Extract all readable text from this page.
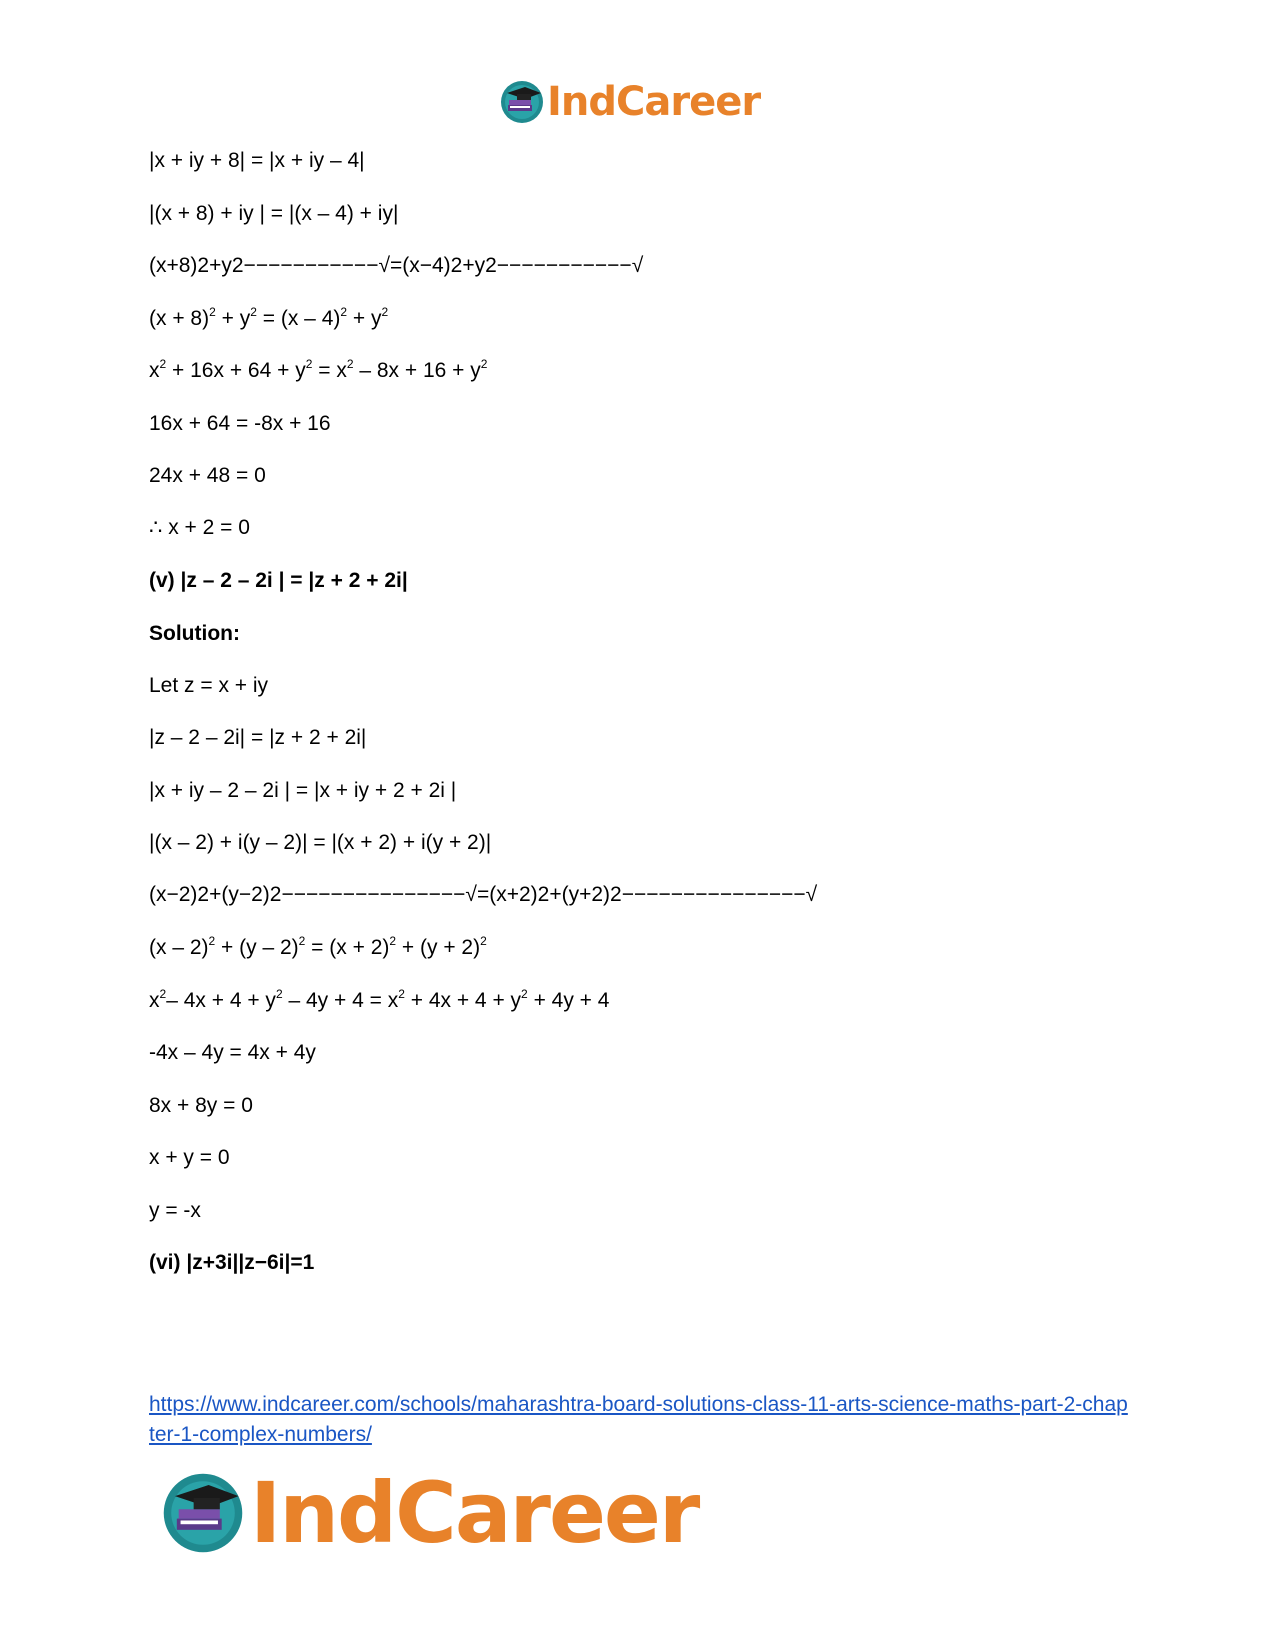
IndCareer
|x + iy + 8| = |x + iy – 4|
|(x + 8) + iy | = |(x – 4) + iy|
(x+8)2+y2−−−−−−−−−−−√=(x−4)2+y2−−−−−−−−−−−√
$(x + 8)^2 + y^2 = (x - 4)^2 + y^2$
$x^2 + 16x + 64 + y^2 = x^2 - 8x + 16 + y^2$
16x + 64 = -8x + 16
24x + 48 = 0
∴ x + 2 = 0
(v) |z – 2 – 2i | = |z + 2 + 2i|
Solution:
Let z = x + iy
|z – 2 – 2i| = |z + 2 + 2i|
|x + iy – 2 – 2i | = |x + iy + 2 + 2i |
|(x – 2) + i(y – 2)| = |(x + 2) + i(y + 2)|
(x−2)2+(y−2)2−−−−−−−−−−−−−−−√=(x+2)2+(y+2)2−−−−−−−−−−−−−−−√
$(x - 2)^2 + (y - 2)^2 = (x + 2)^2 + (y + 2)^2$
$x^2-$ $4x + 4 + y^2 - 4y + 4 = x^2 + 4x + 4 + y^2 + 4y + 4$
-4x – 4y = 4x + 4y
8x + 8y = 0
x + y = 0
y = -x
(vi) |z+3i||z−6i|=1
https://www.indcareer.com/schools/maharashtra-board-solutions-class-11-arts-science-maths-part-2-chapter-1-complex-numbers/
IndCareer
